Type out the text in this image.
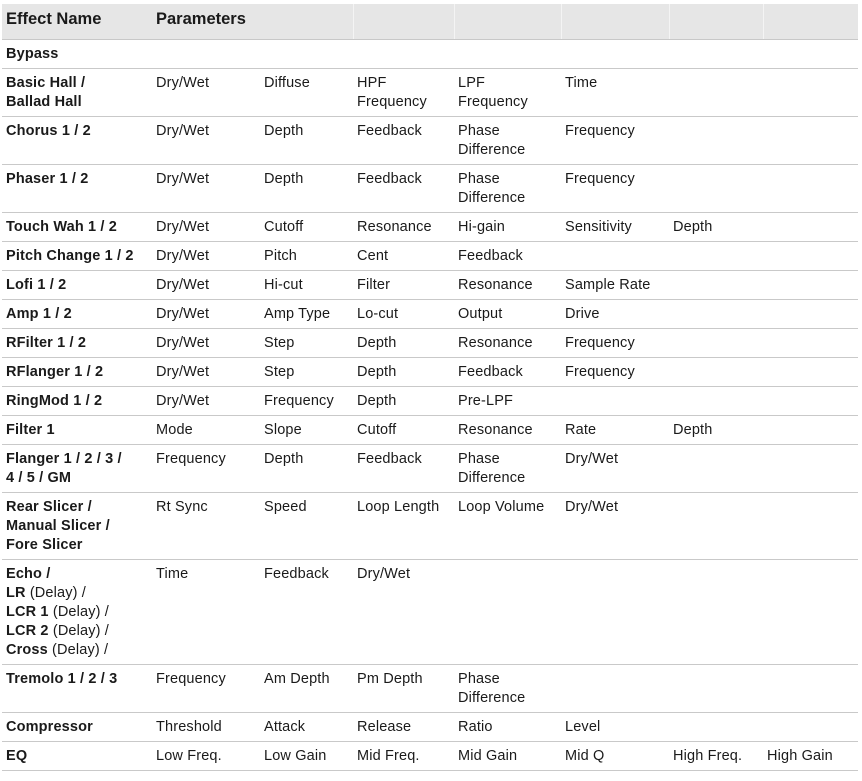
Effect Name	Parameters						

Bypass							

Basic Hall /
Ballad Hall	Dry/Wet	Diffuse	HPF Frequency	LPF Frequency	Time		

Chorus 1 / 2	Dry/Wet	Depth	Feedback	Phase Difference	Frequency		

Phaser 1 / 2	Dry/Wet	Depth	Feedback	Phase Difference	Frequency		

Touch Wah 1 / 2	Dry/Wet	Cutoff	Resonance	Hi-gain	Sensitivity	Depth	

Pitch Change 1 / 2	Dry/Wet	Pitch	Cent	Feedback			

Lofi 1 / 2	Dry/Wet	Hi-cut	Filter	Resonance	Sample Rate		

Amp 1 / 2	Dry/Wet	Amp Type	Lo-cut	Output	Drive		

RFilter 1 / 2	Dry/Wet	Step	Depth	Resonance	Frequency		

RFlanger 1 / 2	Dry/Wet	Step	Depth	Feedback	Frequency		

RingMod 1 / 2	Dry/Wet	Frequency	Depth	Pre-LPF			

Filter 1	Mode	Slope	Cutoff	Resonance	Rate	Depth	

Flanger 1 / 2 / 3 /
4 / 5 / GM	Frequency	Depth	Feedback	Phase Difference	Dry/Wet		

Rear Slicer /
Manual Slicer /
Fore Slicer	Rt Sync	Speed	Loop Length	Loop Volume	Dry/Wet		

Echo /
LR (Delay) /
LCR 1 (Delay) /
LCR 2 (Delay) /
Cross (Delay) /	Time	Feedback	Dry/Wet				

Tremolo 1 / 2 / 3	Frequency	Am Depth	Pm Depth	Phase Difference			

Compressor	Threshold	Attack	Release	Ratio	Level		

EQ	Low Freq.	Low Gain	Mid Freq.	Mid Gain	Mid Q	High Freq.	High Gain
